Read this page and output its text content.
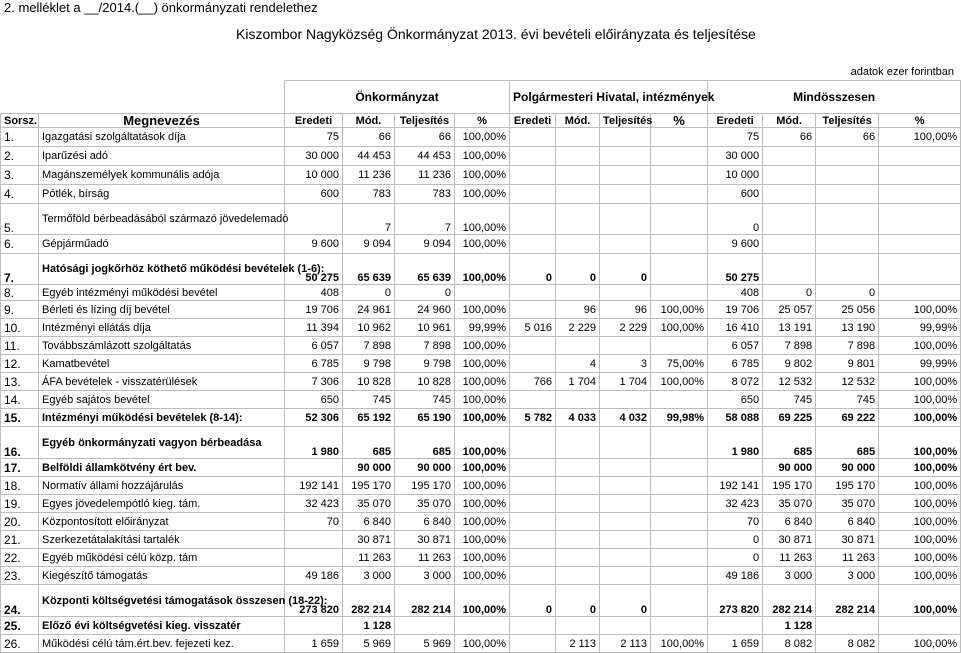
2. melléklet a __/2014.(__) önkormányzati rendelethez
Kiszombor Nagyközség Önkormányzat 2013. évi bevételi előirányzata és teljesítése
adatok ezer forintban
		Önkormányzat				Polgármesteri Hivatal, intézmények				Mindösszesen			
Sorsz.	Megnevezés	Eredeti	Mód.	Teljesítés	%	Eredeti	Mód.	Teljesítés	%	Eredeti	Mód.	Teljesítés	%
1.	Igazgatási szolgáltatások díja	75	66	66	100,00%					75	66	66	100,00%
2.	Iparűzési adó	30 000	44 453	44 453	100,00%					30 000			
3.	Magánszemélyek kommunális adója	10 000	11 236	11 236	100,00%					10 000			
4.	Pótlék, bírság	600	783	783	100,00%					600			
5.	Termőföld bérbeadásából származó jövedelemadó		7	7	100,00%					0			
6.	Gépjárműadó	9 600	9 094	9 094	100,00%					9 600			
7.	Hatósági jogkőrhöz köthető működési bevételek (1-6):	50 275	65 639	65 639	100,00%	0	0	0		50 275			
8.	Egyéb intézményi működési bevétel	408	0	0						408	0	0	
9.	Bérleti és lízing díj bevétel	19 706	24 961	24 960	100,00%		96	96	100,00%	19 706	25 057	25 056	100,00%
10.	Intézményi ellátás díja	11 394	10 962	10 961	99,99%	5 016	2 229	2 229	100,00%	16 410	13 191	13 190	99,99%
11.	Továbbszámlázott szolgáltatás	6 057	7 898	7 898	100,00%					6 057	7 898	7 898	100,00%
12.	Kamatbevétel	6 785	9 798	9 798	100,00%		4	3	75,00%	6 785	9 802	9 801	99,99%
13.	ÁFA bevételek - visszatérülések	7 306	10 828	10 828	100,00%	766	1 704	1 704	100,00%	8 072	12 532	12 532	100,00%
14.	Egyéb sajátos bevétel	650	745	745	100,00%					650	745	745	100,00%
15.	Intézményi működési bevételek (8-14):	52 306	65 192	65 190	100,00%	5 782	4 033	4 032	99,98%	58 088	69 225	69 222	100,00%
16.	Egyéb önkormányzati vagyon bérbeadása	1 980	685	685	100,00%					1 980	685	685	100,00%
17.	Belföldi államkötvény ért bev.		90 000	90 000	100,00%						90 000	90 000	100,00%
18.	Normatív állami hozzájárulás	192 141	195 170	195 170	100,00%					192 141	195 170	195 170	100,00%
19.	Egyes jövedelempótló kieg. tám.	32 423	35 070	35 070	100,00%					32 423	35 070	35 070	100,00%
20.	Központosított előirányzat	70	6 840	6 840	100,00%					70	6 840	6 840	100,00%
21.	Szerkezetátalakítási tartalék		30 871	30 871	100,00%					0	30 871	30 871	100,00%
22.	Egyéb működési célú közp. tám		11 263	11 263	100,00%					0	11 263	11 263	100,00%
23.	Kiegészítő támogatás	49 186	3 000	3 000	100,00%					49 186	3 000	3 000	100,00%
24.	Központi költségvetési támogatások összesen (18-22):	273 820	282 214	282 214	100,00%	0	0	0		273 820	282 214	282 214	100,00%
25.	Előző évi költségvetési kieg. visszatér		1 128								1 128		
26.	Működési célú tám.ért.bev. fejezeti kez.	1 659	5 969	5 969	100,00%		2 113	2 113	100,00%	1 659	8 082	8 082	100,00%
